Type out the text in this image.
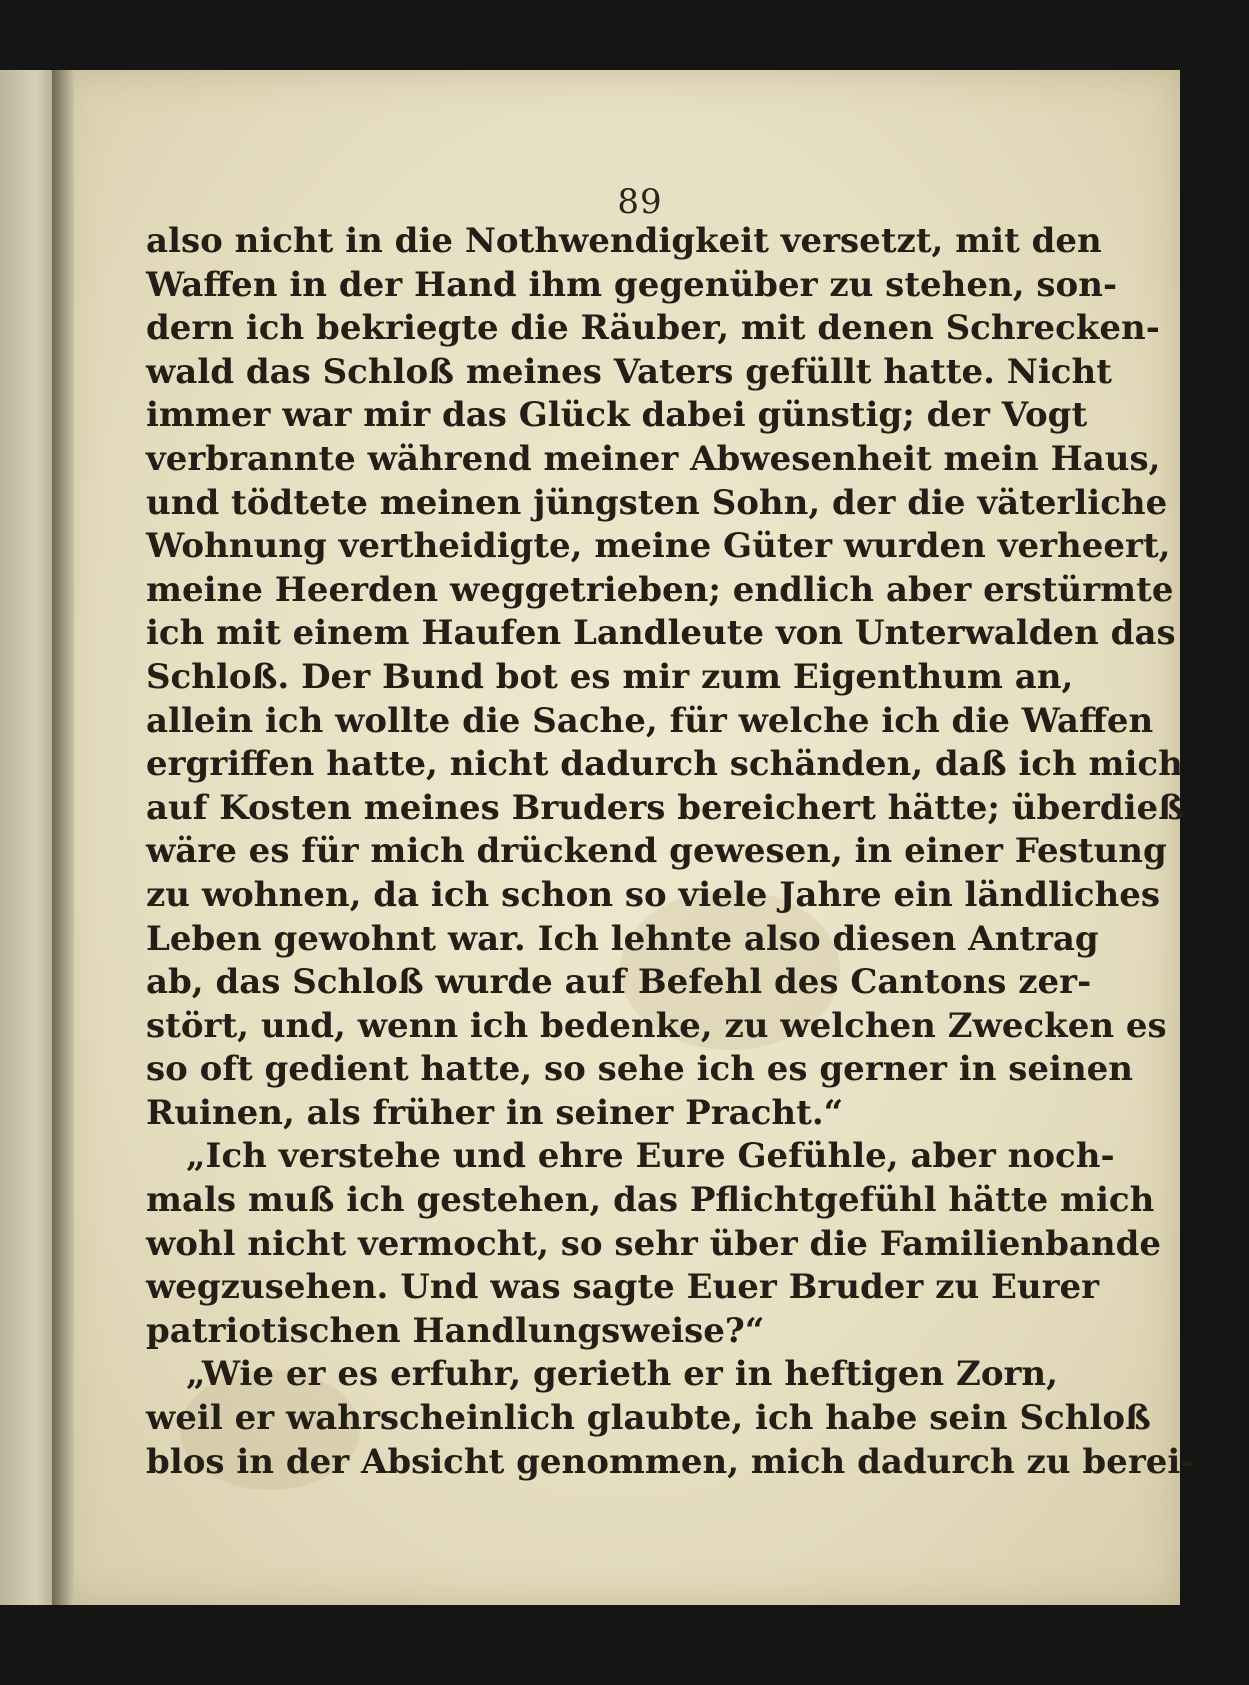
89
also nicht in die Nothwendigkeit versetzt, mit den
Waffen in der Hand ihm gegenüber zu stehen, son-
dern ich bekriegte die Räuber, mit denen Schrecken-
wald das Schloß meines Vaters gefüllt hatte. Nicht
immer war mir das Glück dabei günstig; der Vogt
verbrannte während meiner Abwesenheit mein Haus,
und tödtete meinen jüngsten Sohn, der die väterliche
Wohnung vertheidigte, meine Güter wurden verheert,
meine Heerden weggetrieben; endlich aber erstürmte
ich mit einem Haufen Landleute von Unterwalden das
Schloß. Der Bund bot es mir zum Eigenthum an,
allein ich wollte die Sache, für welche ich die Waffen
ergriffen hatte, nicht dadurch schänden, daß ich mich
auf Kosten meines Bruders bereichert hätte; überdieß
wäre es für mich drückend gewesen, in einer Festung
zu wohnen, da ich schon so viele Jahre ein ländliches
Leben gewohnt war. Ich lehnte also diesen Antrag
ab, das Schloß wurde auf Befehl des Cantons zer-
stört, und, wenn ich bedenke, zu welchen Zwecken es
so oft gedient hatte, so sehe ich es gerner in seinen
Ruinen, als früher in seiner Pracht.“
„Ich verstehe und ehre Eure Gefühle, aber noch-
mals muß ich gestehen, das Pflichtgefühl hätte mich
wohl nicht vermocht, so sehr über die Familienbande
wegzusehen. Und was sagte Euer Bruder zu Eurer
patriotischen Handlungsweise?“
„Wie er es erfuhr, gerieth er in heftigen Zorn,
weil er wahrscheinlich glaubte, ich habe sein Schloß
blos in der Absicht genommen, mich dadurch zu berei-
